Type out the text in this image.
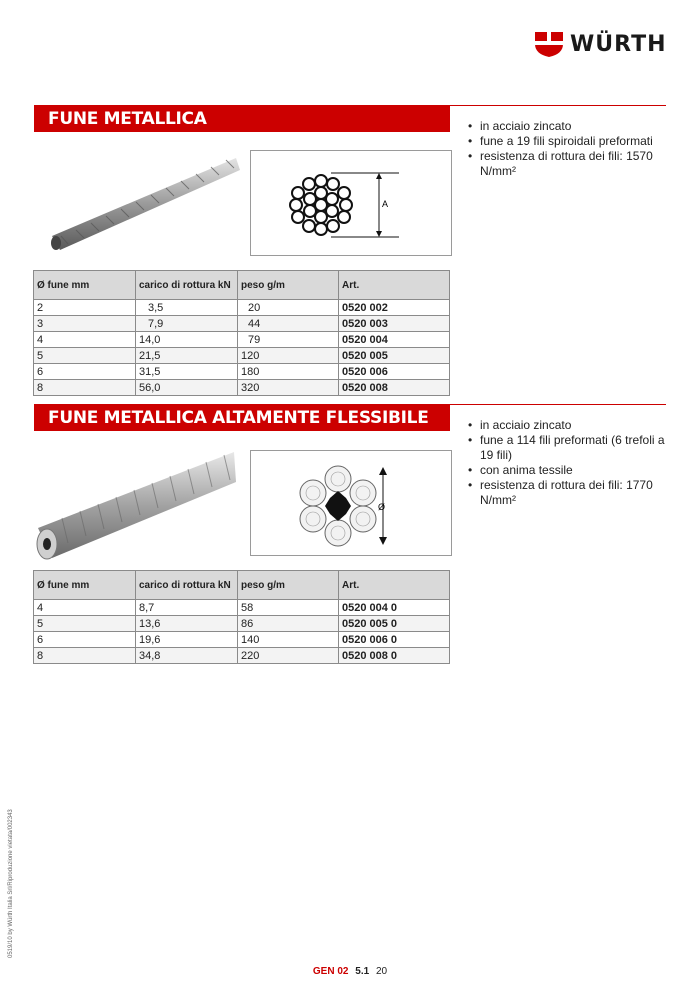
WÜRTH
FUNE METALLICA	• in acciaio zincato
• fune a 19 fili spiroidali preformati
• resistenza di rottura dei fili: 1570 N/mm²
A
Ø fune mm	carico di rottura kN	peso g/m	Art.
2	3,5	20	0520 002
3	7,9	44	0520 003
4	14,0	79	0520 004
5	21,5	120	0520 005
6	31,5	180	0520 006
8	56,0	320	0520 008
FUNE METALLICA ALTAMENTE FLESSIBILE	• in acciaio zincato
• fune a 114 fili preformati (6 trefoli a 19 fili)
• con anima tessile
• resistenza di rottura dei fili: 1770 N/mm²
Ø
Ø fune mm	carico di rottura kN	peso g/m	Art.
4	8,7	58	0520 004 0
5	13,6	86	0520 005 0
6	19,6	140	0520 006 0
8	34,8	220	0520 008 0
0519/10 by Würth Italia Srl/Riproduzione vietata/002343
GEN 02 5.1 20
